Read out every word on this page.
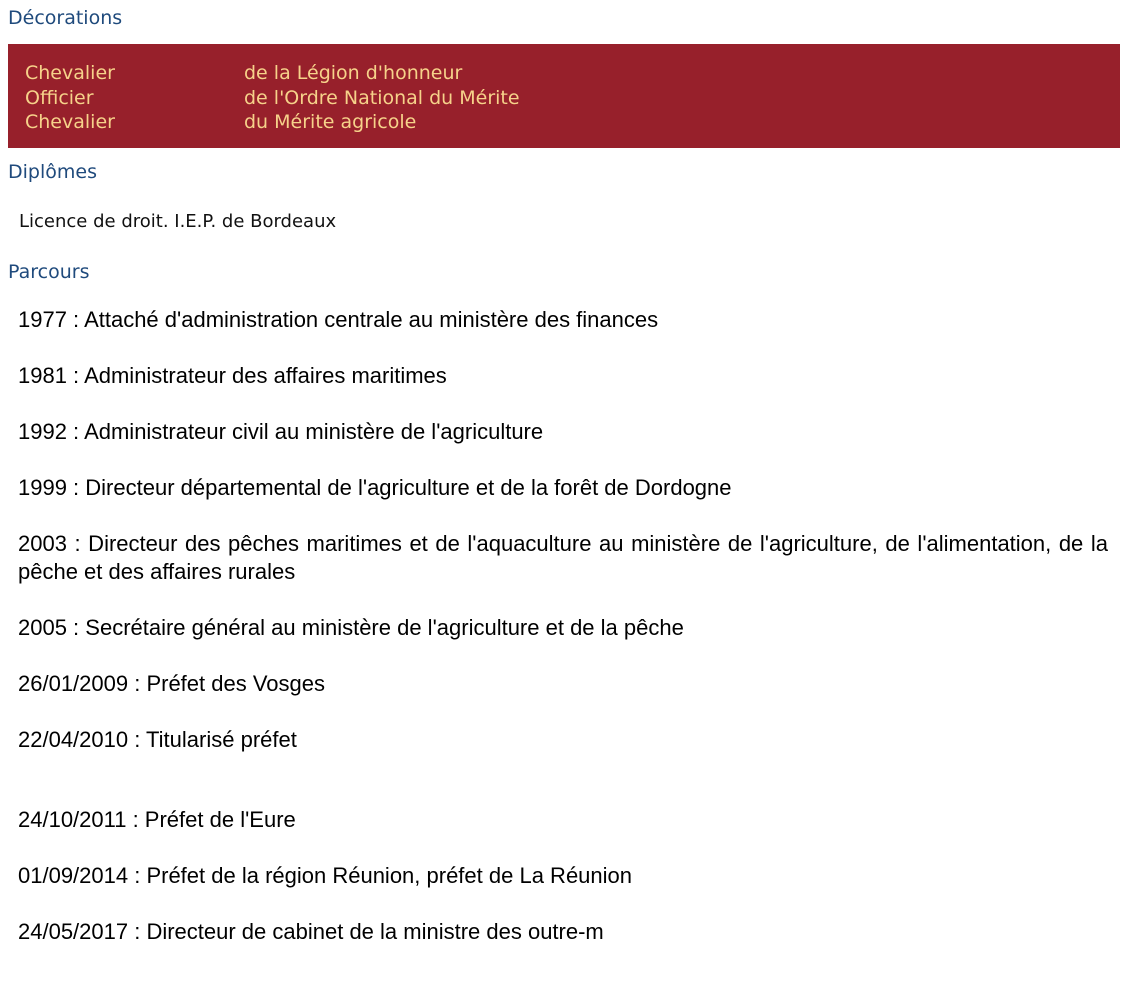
Décorations
Chevalier	de la Légion d'honneur
Officier	de l'Ordre National du Mérite
Chevalier	du Mérite agricole
Diplômes
Licence de droit. I.E.P. de Bordeaux
Parcours

1977 : Attaché d'administration centrale au ministère des finances

1981 : Administrateur des affaires maritimes

1992 : Administrateur civil au ministère de l'agriculture

1999 : Directeur départemental de l'agriculture et de la forêt de Dordogne

2003 : Directeur des pêches maritimes et de l'aquaculture au ministère de l'agriculture, de l'alimentation, de la pêche et des affaires rurales

2005 : Secrétaire général au ministère de l'agriculture et de la pêche

26/01/2009 : Préfet des Vosges

22/04/2010 : Titularisé préfet

24/10/2011 : Préfet de l'Eure

01/09/2014 : Préfet de la région Réunion, préfet de La Réunion

24/05/2017 : Directeur de cabinet de la ministre des outre-m
